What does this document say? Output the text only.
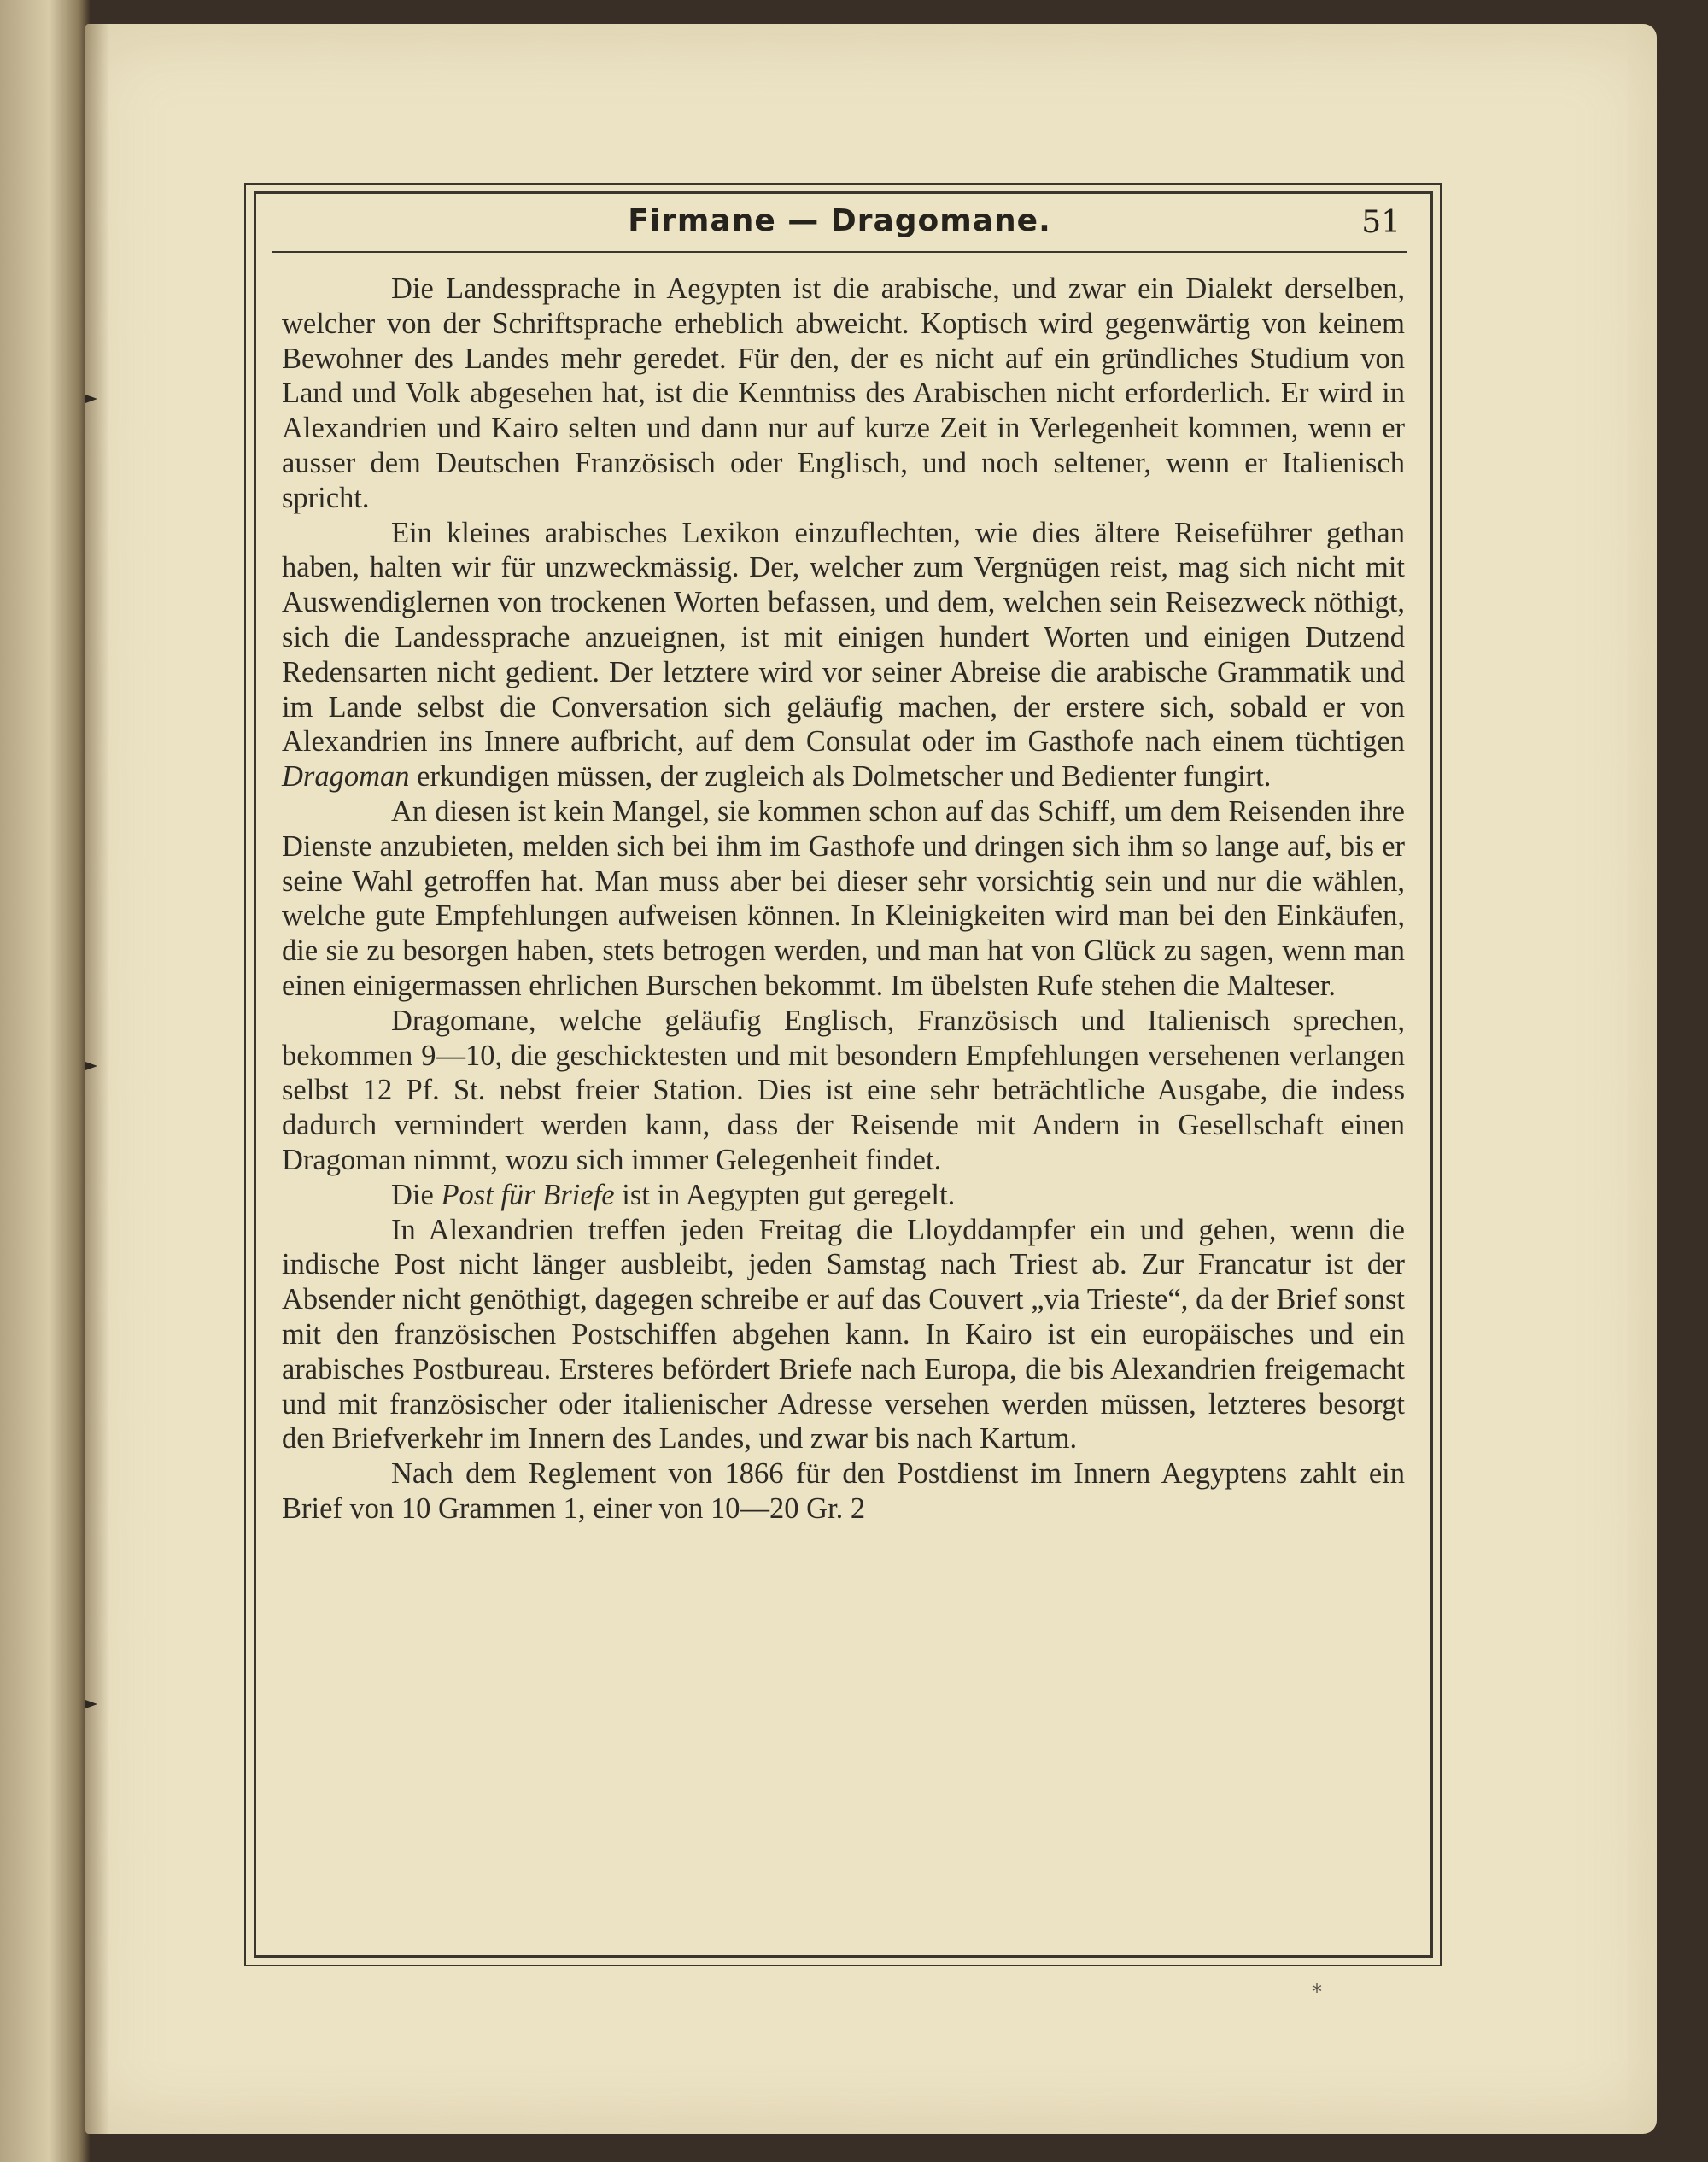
Firmane — Dragomane.	51

Die Landessprache in Aegypten ist die arabische, und zwar ein Dialekt derselben, welcher von der Schriftsprache erheblich abweicht. Koptisch wird gegenwärtig von keinem Bewohner des Landes mehr geredet. Für den, der es nicht auf ein gründliches Studium von Land und Volk abgesehen hat, ist die Kenntniss des Arabischen nicht erforderlich. Er wird in Alexandrien und Kairo selten und dann nur auf kurze Zeit in Verlegenheit kommen, wenn er ausser dem Deutschen Französisch oder Englisch, und noch seltener, wenn er Italienisch spricht.

Ein kleines arabisches Lexikon einzuflechten, wie dies ältere Reiseführer gethan haben, halten wir für unzweckmässig. Der, welcher zum Vergnügen reist, mag sich nicht mit Auswendiglernen von trockenen Worten befassen, und dem, welchen sein Reisezweck nöthigt, sich die Landessprache anzueignen, ist mit einigen hundert Worten und einigen Dutzend Redensarten nicht gedient. Der letztere wird vor seiner Abreise die arabische Grammatik und im Lande selbst die Conversation sich geläufig machen, der erstere sich, sobald er von Alexandrien ins Innere aufbricht, auf dem Consulat oder im Gasthofe nach einem tüchtigen Dragoman erkundigen müssen, der zugleich als Dolmetscher und Bedienter fungirt.

An diesen ist kein Mangel, sie kommen schon auf das Schiff, um dem Reisenden ihre Dienste anzubieten, melden sich bei ihm im Gasthofe und dringen sich ihm so lange auf, bis er seine Wahl getroffen hat. Man muss aber bei dieser sehr vorsichtig sein und nur die wählen, welche gute Empfehlungen aufweisen können. In Kleinigkeiten wird man bei den Einkäufen, die sie zu besorgen haben, stets betrogen werden, und man hat von Glück zu sagen, wenn man einen einigermassen ehrlichen Burschen bekommt. Im übelsten Rufe stehen die Malteser.

Dragomane, welche geläufig Englisch, Französisch und Italienisch sprechen, bekommen 9—10, die geschicktesten und mit besondern Empfehlungen versehenen verlangen selbst 12 Pf. St. nebst freier Station. Dies ist eine sehr beträchtliche Ausgabe, die indess dadurch vermindert werden kann, dass der Reisende mit Andern in Gesellschaft einen Dragoman nimmt, wozu sich immer Gelegenheit findet.

Die Post für Briefe ist in Aegypten gut geregelt.

In Alexandrien treffen jeden Freitag die Lloyddampfer ein und gehen, wenn die indische Post nicht länger ausbleibt, jeden Samstag nach Triest ab. Zur Francatur ist der Absender nicht genöthigt, dagegen schreibe er auf das Couvert „via Trieste“, da der Brief sonst mit den französischen Postschiffen abgehen kann. In Kairo ist ein europäisches und ein arabisches Postbureau. Ersteres befördert Briefe nach Europa, die bis Alexandrien freigemacht und mit französischer oder italienischer Adresse versehen werden müssen, letzteres besorgt den Briefverkehr im Innern des Landes, und zwar bis nach Kartum.

Nach dem Reglement von 1866 für den Postdienst im Innern Aegyptens zahlt ein Brief von 10 Grammen 1, einer von 10—20 Gr. 2

*
